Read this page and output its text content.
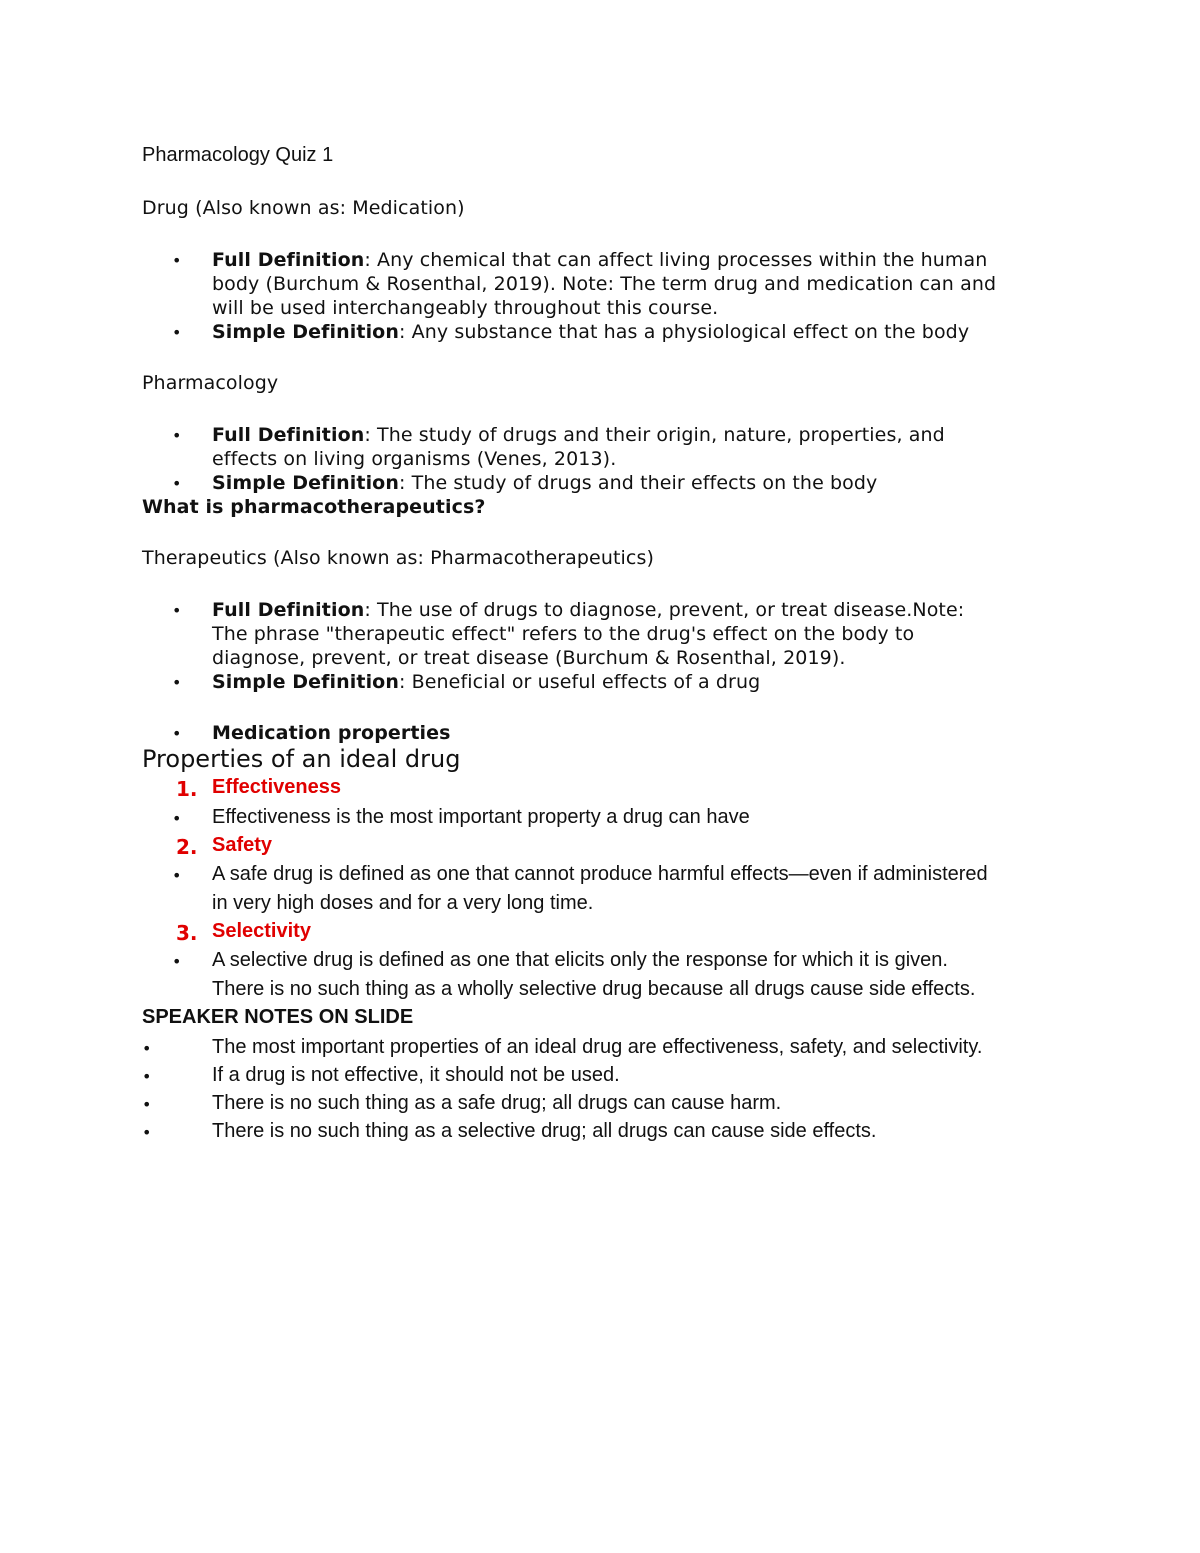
Pharmacology Quiz 1
Drug (Also known as: Medication)
• Full Definition: Any chemical that can affect living processes within the human
body (Burchum & Rosenthal, 2019). Note: The term drug and medication can and
will be used interchangeably throughout this course.
• Simple Definition: Any substance that has a physiological effect on the body
Pharmacology
• Full Definition: The study of drugs and their origin, nature, properties, and
effects on living organisms (Venes, 2013).
• Simple Definition: The study of drugs and their effects on the body
What is pharmacotherapeutics?
Therapeutics (Also known as: Pharmacotherapeutics)
• Full Definition: The use of drugs to diagnose, prevent, or treat disease.Note:
The phrase "therapeutic effect" refers to the drug's effect on the body to
diagnose, prevent, or treat disease (Burchum & Rosenthal, 2019).
• Simple Definition: Beneficial or useful effects of a drug
• Medication properties
Properties of an ideal drug
1. Effectiveness
• Effectiveness is the most important property a drug can have
2. Safety
• A safe drug is defined as one that cannot produce harmful effects—even if administered
in very high doses and for a very long time.
3. Selectivity
• A selective drug is defined as one that elicits only the response for which it is given.
There is no such thing as a wholly selective drug because all drugs cause side effects.
SPEAKER NOTES ON SLIDE
•	The most important properties of an ideal drug are effectiveness, safety, and selectivity.
•	If a drug is not effective, it should not be used.
•	There is no such thing as a safe drug; all drugs can cause harm.
•	There is no such thing as a selective drug; all drugs can cause side effects.
